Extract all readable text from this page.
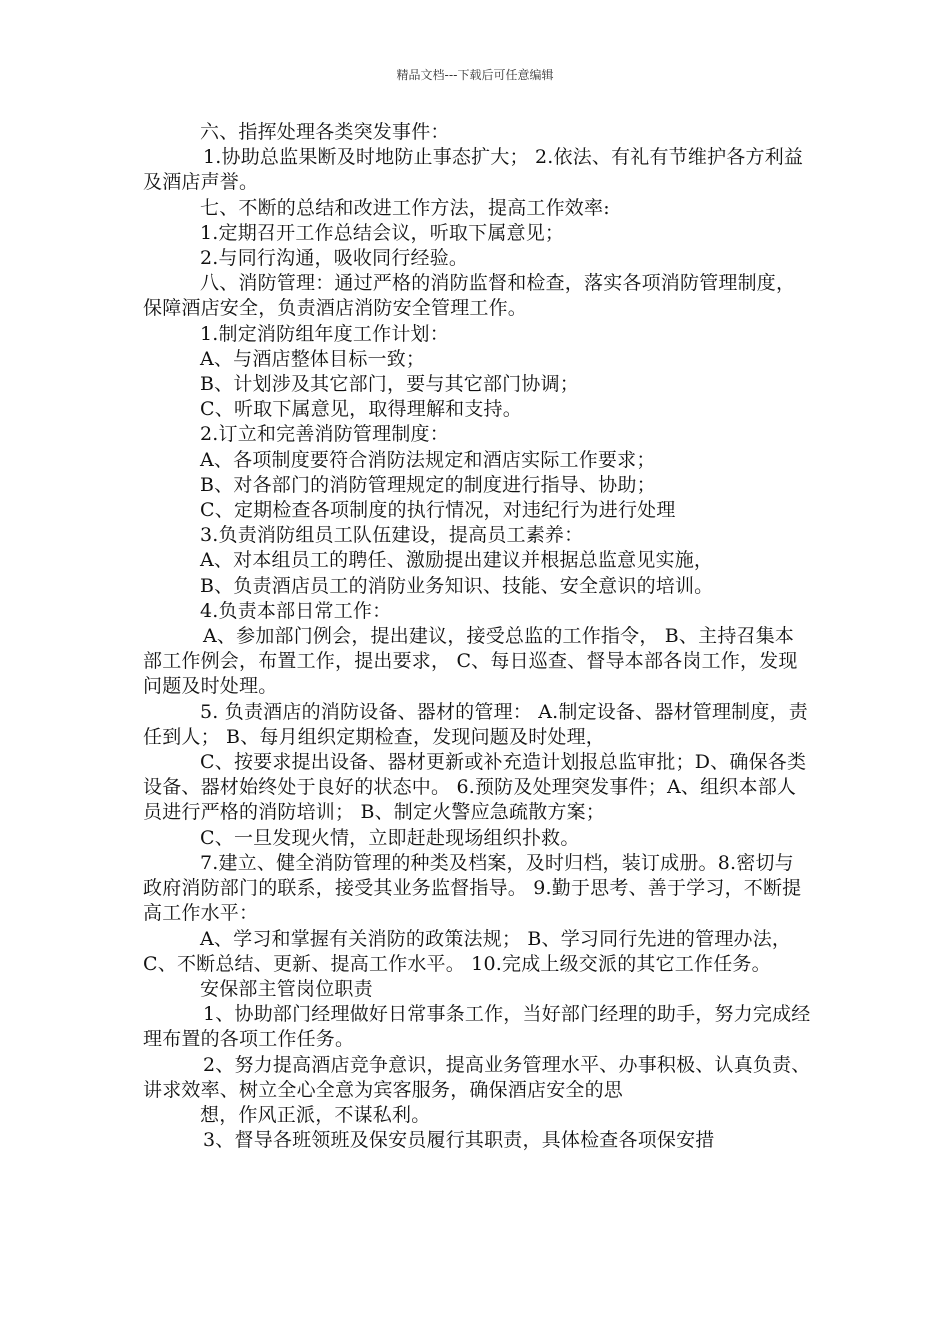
精品文档---下载后可任意编辑

六、指挥处理各类突发事件：

1.协助总监果断及时地防止事态扩大； 2.依法、有礼有节维护各方利益及酒店声誉。

七、不断的总结和改进工作方法，提高工作效率:

1.定期召开工作总结会议，听取下属意见；

2.与同行沟通，吸收同行经验。

八、消防管理：通过严格的消防监督和检查，落实各项消防管理制度，保障酒店安全，负责酒店消防安全管理工作。

1.制定消防组年度工作计划：

A、与酒店整体目标一致；

B、计划涉及其它部门，要与其它部门协调；

C、听取下属意见，取得理解和支持。

2.订立和完善消防管理制度：

A、各项制度要符合消防法规定和酒店实际工作要求；

B、对各部门的消防管理规定的制度进行指导、协助；

C、定期检查各项制度的执行情况，对违纪行为进行处理

3.负责消防组员工队伍建设，提高员工素养：

A、对本组员工的聘任、激励提出建议并根据总监意见实施，

B、负责酒店员工的消防业务知识、技能、安全意识的培训。

4.负责本部日常工作：

A、参加部门例会，提出建议，接受总监的工作指令， B、主持召集本部工作例会，布置工作，提出要求， C、每日巡查、督导本部各岗工作，发现问题及时处理。

5. 负责酒店的消防设备、器材的管理： A.制定设备、器材管理制度，责任到人； B、每月组织定期检查，发现问题及时处理，

C、按要求提出设备、器材更新或补充造计划报总监审批；D、确保各类设备、器材始终处于良好的状态中。 6.预防及处理突发事件；A、组织本部人员进行严格的消防培训； B、制定火警应急疏散方案；

C、一旦发现火情，立即赶赴现场组织扑救。

7.建立、健全消防管理的种类及档案，及时归档，装订成册。8.密切与政府消防部门的联系，接受其业务监督指导。 9.勤于思考、善于学习，不断提高工作水平：

A、学习和掌握有关消防的政策法规； B、学习同行先进的管理办法， C、不断总结、更新、提高工作水平。 10.完成上级交派的其它工作任务。

安保部主管岗位职责

1、协助部门经理做好日常事条工作，当好部门经理的助手，努力完成经理布置的各项工作任务。

2、努力提高酒店竞争意识，提高业务管理水平、办事积极、认真负责、讲求效率、树立全心全意为宾客服务，确保酒店安全的思

想，作风正派，不谋私利。

3、督导各班领班及保安员履行其职责，具体检查各项保安措
